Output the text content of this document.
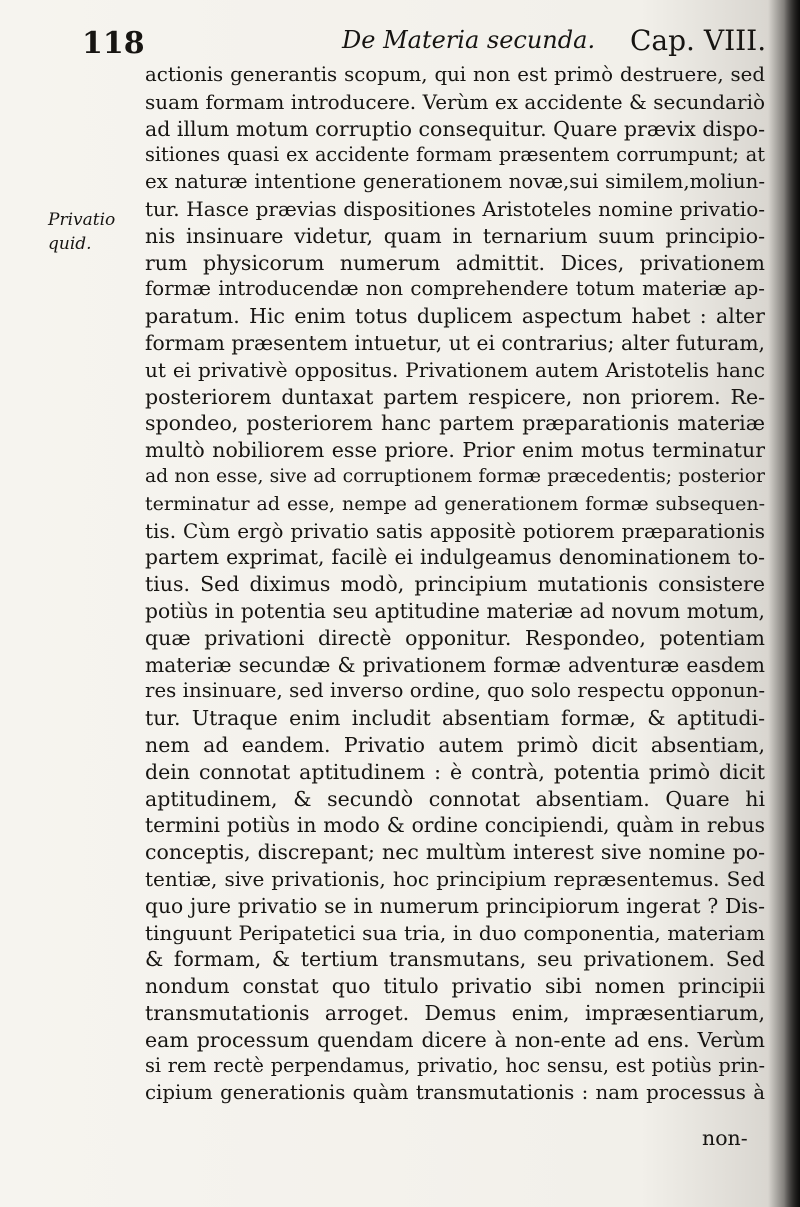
118	De Materia secunda. Cap. VIII.
Privatio
quid.
actionis generantis scopum, qui non est primò destruere, sed
suam formam introducere. Verùm ex accidente & secundariò
ad illum motum corruptio consequitur. Quare prævix dispo-
sitiones quasi ex accidente formam præsentem corrumpunt; at
ex naturæ intentione generationem novæ,sui similem,moliun-
tur. Hasce prævias dispositiones Aristoteles nomine privatio-
nis insinuare videtur, quam in ternarium suum principio-
rum physicorum numerum admittit. Dices, privationem
formæ introducendæ non comprehendere totum materiæ ap-
paratum. Hic enim totus duplicem aspectum habet : alter
formam præsentem intuetur, ut ei contrarius; alter futuram,
ut ei privativè oppositus. Privationem autem Aristotelis hanc
posteriorem duntaxat partem respicere, non priorem. Re-
spondeo, posteriorem hanc partem præparationis materiæ
multò nobiliorem esse priore. Prior enim motus terminatur
ad non esse, sive ad corruptionem formæ præcedentis; posterior
terminatur ad esse, nempe ad generationem formæ subsequen-
tis. Cùm ergò privatio satis appositè potiorem præparationis
partem exprimat, facilè ei indulgeamus denominationem to-
tius. Sed diximus modò, principium mutationis consistere
potiùs in potentia seu aptitudine materiæ ad novum motum,
quæ privationi directè opponitur. Respondeo, potentiam
materiæ secundæ & privationem formæ adventuræ easdem
res insinuare, sed inverso ordine, quo solo respectu opponun-
tur. Utraque enim includit absentiam formæ, & aptitudi-
nem ad eandem. Privatio autem primò dicit absentiam,
dein connotat aptitudinem : è contrà, potentia primò dicit
aptitudinem, & secundò connotat absentiam. Quare hi
termini potiùs in modo & ordine concipiendi, quàm in rebus
conceptis, discrepant; nec multùm interest sive nomine po-
tentiæ, sive privationis, hoc principium repræsentemus. Sed
quo jure privatio se in numerum principiorum ingerat ? Dis-
tinguunt Peripatetici sua tria, in duo componentia, materiam
& formam, & tertium transmutans, seu privationem. Sed
nondum constat quo titulo privatio sibi nomen principii
transmutationis arroget. Demus enim, impræsentiarum,
eam processum quendam dicere à non-ente ad ens. Verùm
si rem rectè perpendamus, privatio, hoc sensu, est potiùs prin-
cipium generationis quàm transmutationis : nam processus à
non-
